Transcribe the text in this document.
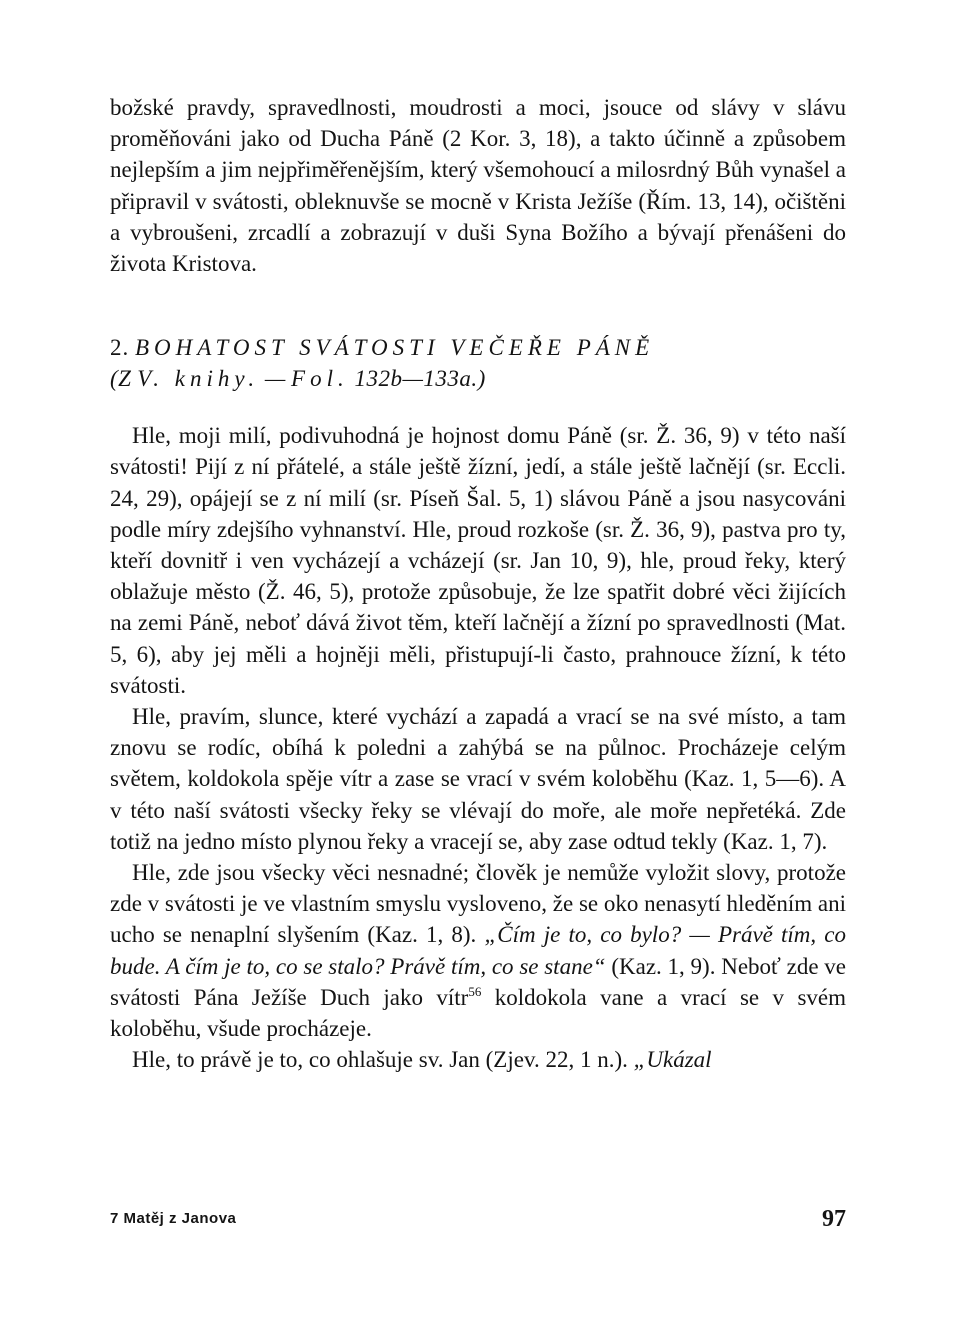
božské pravdy, spravedlnosti, moudrosti a moci, jsouce od slávy v slávu proměňováni jako od Ducha Páně (2 Kor. 3, 18), a takto účinně a způsobem nejlepším a jim nejpřiměřenějším, který všemohoucí a milosrdný Bůh vynašel a připravil v svátosti, obleknuvše se mocně v Krista Ježíše (Řím. 13, 14), očištěni a vybroušeni, zrcadlí a zobrazují v duši Syna Božího a bývají přenášeni do života Kristova.

2. BOHATOST SVÁTOSTI VEČEŘE PÁNĚ
(Z V. knihy. — Fol. 132b—133a.)

Hle, moji milí, podivuhodná je hojnost domu Páně (sr. Ž. 36, 9) v této naší svátosti! Pijí z ní přátelé, a stále ještě žízní, jedí, a stále ještě lačnějí (sr. Eccli. 24, 29), opájejí se z ní milí (sr. Píseň Šal. 5, 1) slávou Páně a jsou nasycováni podle míry zdejšího vyhnanství. Hle, proud rozkoše (sr. Ž. 36, 9), pastva pro ty, kteří dovnitř i ven vycházejí a vcházejí (sr. Jan 10, 9), hle, proud řeky, který oblažuje město (Ž. 46, 5), protože způsobuje, že lze spatřit dobré věci žijících na zemi Páně, neboť dává život těm, kteří lačnějí a žízní po spravedlnosti (Mat. 5, 6), aby jej měli a hojněji měli, přistupují-li často, prahnouce žízní, k této svátosti.

Hle, pravím, slunce, které vychází a zapadá a vrací se na své místo, a tam znovu se rodíc, obíhá k poledni a zahýbá se na půlnoc. Procházeje celým světem, koldokola spěje vítr a zase se vrací v svém koloběhu (Kaz. 1, 5—6). A v této naší svátosti všecky řeky se vlévají do moře, ale moře nepřetéká. Zde totiž na jedno místo plynou řeky a vracejí se, aby zase odtud tekly (Kaz. 1, 7).

Hle, zde jsou všecky věci nesnadné; člověk je nemůže vyložit slovy, protože zde v svátosti je ve vlastním smyslu vysloveno, že se oko nenasytí hleděním ani ucho se nenaplní slyšením (Kaz. 1, 8). „Čím je to, co bylo? — Právě tím, co bude. A čím je to, co se stalo? Právě tím, co se stane“ (Kaz. 1, 9). Neboť zde ve svátosti Pána Ježíše Duch jako vítr$^{56}$ koldokola vane a vrací se v svém koloběhu, všude procházeje.

Hle, to právě je to, co ohlašuje sv. Jan (Zjev. 22, 1 n.). „Ukázal

7 Matěj z Janova	97
